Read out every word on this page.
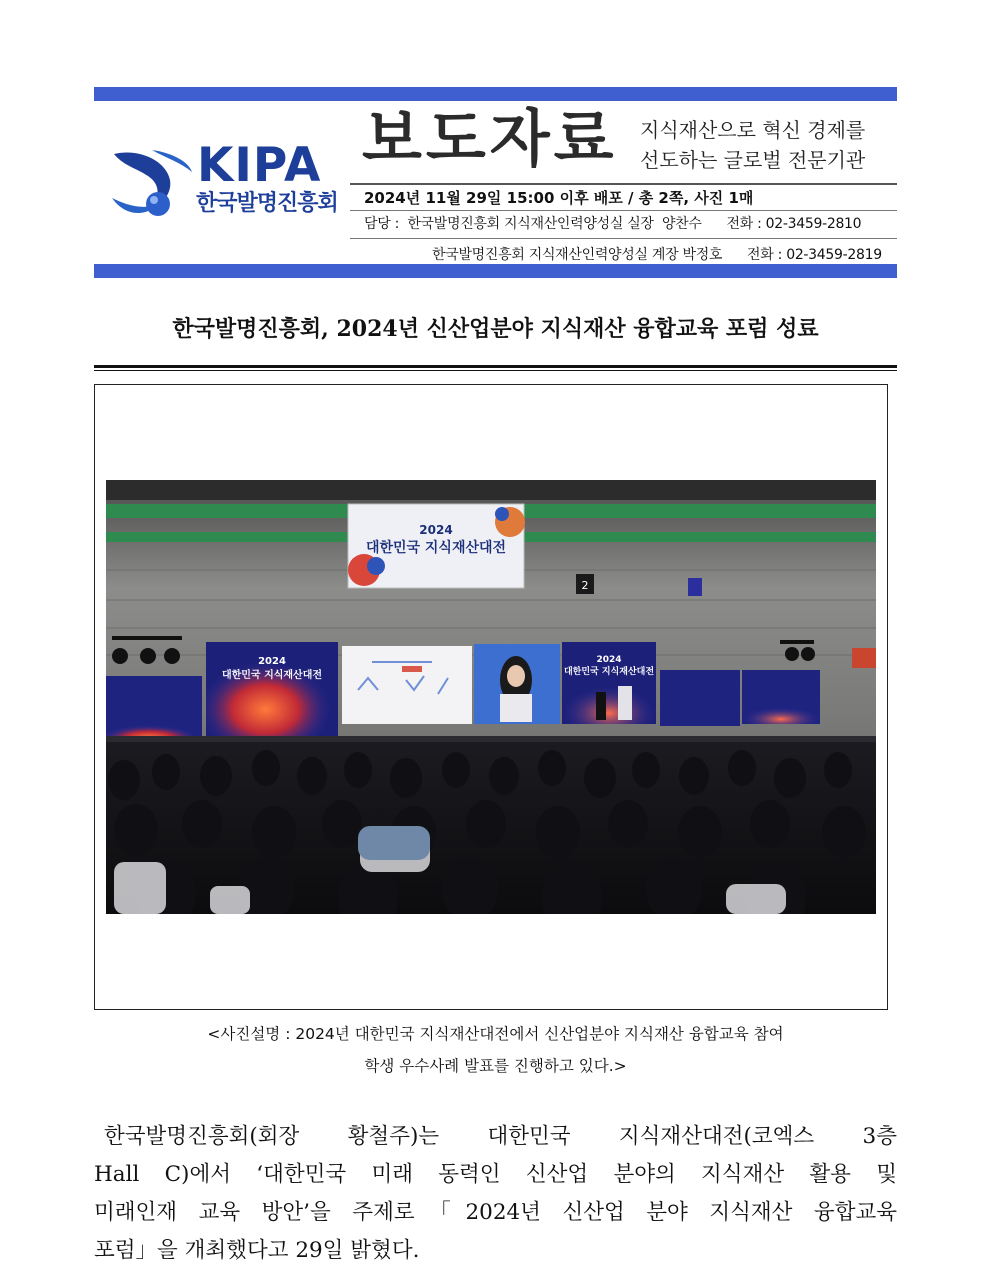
KIPA
한국발명진흥회
보도자료 지식재산으로 혁신 경제를
선도하는 글로벌 전문기관
2024년 11월 29일 15:00 이후 배포 / 총 2쪽, 사진 1매
담당 :  한국발명진흥회 지식재산인력양성실 실장  양찬수      전화 : 02-3459-2810
한국발명진흥회 지식재산인력양성실 계장 박정호      전화 : 02-3459-2819
한국발명진흥회, 2024년 신산업분야 지식재산 융합교육 포럼 성료
2024
대한민국 지식재산대전
2
2024
대한민국 지식재산대전
2024
대한민국 지식재산대전
<사진설명 : 2024년 대한민국 지식재산대전에서 신산업분야 지식재산 융합교육 참여
학생 우수사례 발표를 진행하고 있다.>

한국발명진흥회(회장 황철주)는 대한민국 지식재산대전(코엑스 3층

Hall C)에서 ‘대한민국 미래 동력인 신산업 분야의 지식재산 활용 및

미래인재 교육 방안’을 주제로「2024년 신산업 분야 지식재산 융합교육

포럼」을 개최했다고 29일 밝혔다.
